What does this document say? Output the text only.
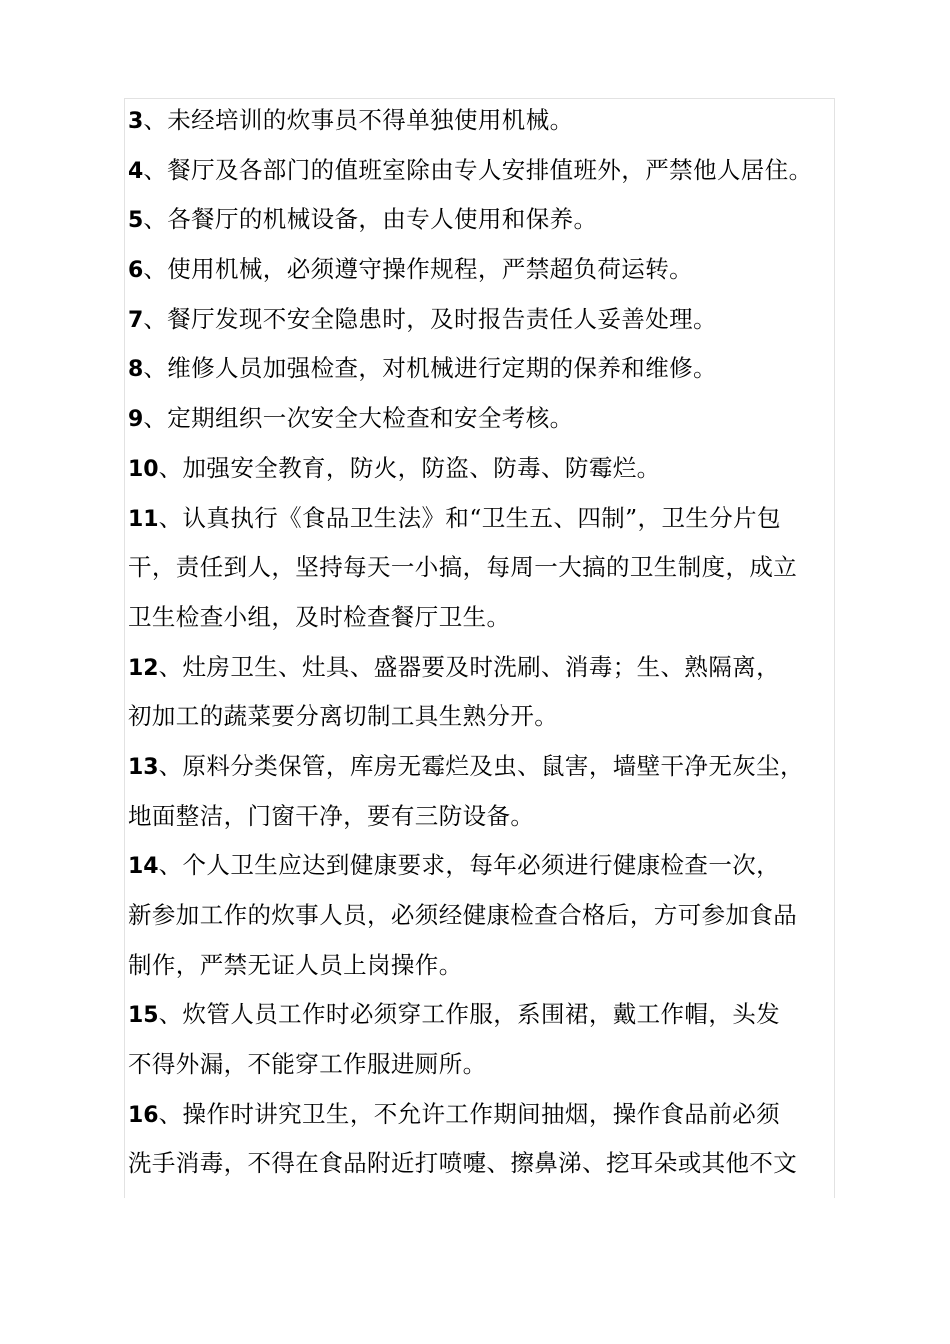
3、未经培训的炊事员不得单独使用机械。
4、餐厅及各部门的值班室除由专人安排值班外，严禁他人居住。
5、各餐厅的机械设备，由专人使用和保养。
6、使用机械，必须遵守操作规程，严禁超负荷运转。
7、餐厅发现不安全隐患时，及时报告责任人妥善处理。
8、维修人员加强检查，对机械进行定期的保养和维修。
9、定期组织一次安全大检查和安全考核。
10、加强安全教育，防火，防盗、防毒、防霉烂。
11、认真执行《食品卫生法》和“卫生五、四制”，卫生分片包
干，责任到人，坚持每天一小搞，每周一大搞的卫生制度，成立
卫生检查小组，及时检查餐厅卫生。
12、灶房卫生、灶具、盛器要及时洗刷、消毒；生、熟隔离，
初加工的蔬菜要分离切制工具生熟分开。
13、原料分类保管，库房无霉烂及虫、鼠害，墙壁干净无灰尘，
地面整洁，门窗干净，要有三防设备。
14、个人卫生应达到健康要求，每年必须进行健康检查一次，
新参加工作的炊事人员，必须经健康检查合格后，方可参加食品
制作，严禁无证人员上岗操作。
15、炊管人员工作时必须穿工作服，系围裙，戴工作帽，头发
不得外漏，不能穿工作服进厕所。
16、操作时讲究卫生，不允许工作期间抽烟，操作食品前必须
洗手消毒，不得在食品附近打喷嚏、擦鼻涕、挖耳朵或其他不文
